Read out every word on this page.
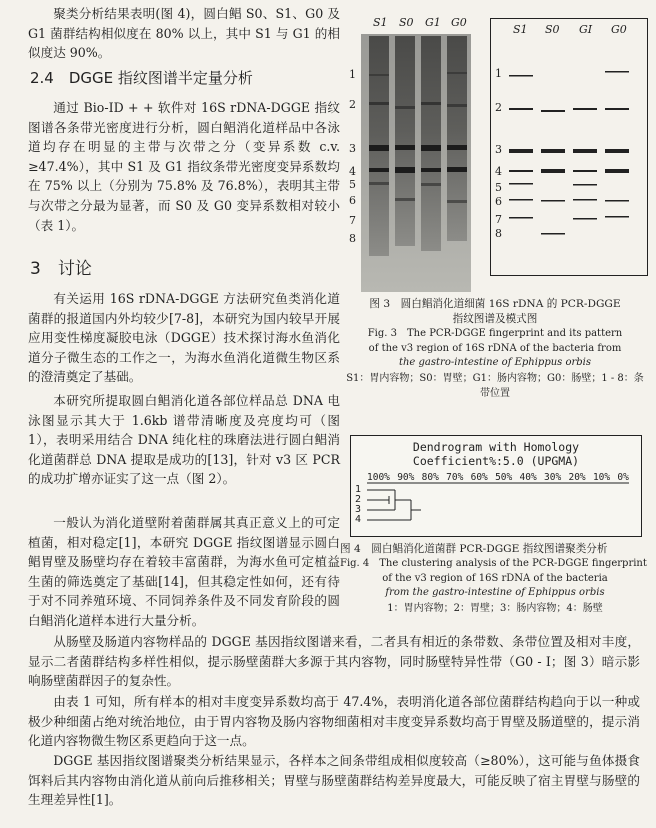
聚类分析结果表明(图 4)，圆白鲳 S0、S1、G0 及 G1 菌群结构相似度在 80% 以上，其中 S1 与 G1 的相似度达 90%。

2.4　DGGE 指纹图谱半定量分析

通过 Bio-ID + + 软件对 16S rDNA-DGGE 指纹图谱各条带光密度进行分析，圆白鲳消化道样品中各泳道均存在明显的主带与次带之分（变异系数 c.v. ≥47.4%），其中 S1 及 G1 指纹条带光密度变异系数均在 75% 以上（分别为 75.8% 及 76.8%），表明其主带与次带之分最为显著，而 S0 及 G0 变异系数相对较小（表 1）。

3　讨论

有关运用 16S rDNA-DGGE 方法研究鱼类消化道菌群的报道国内外均较少[7-8]，本研究为国内较早开展应用变性梯度凝胶电泳（DGGE）技术探讨海水鱼消化道分子微生态的工作之一，为海水鱼消化道微生物区系的澄清奠定了基础。

本研究所提取圆白鲳消化道各部位样品总 DNA 电泳图显示其大于 1.6kb 谱带清晰度及亮度均可（图 1），表明采用结合 DNA 纯化柱的珠磨法进行圆白鲳消化道菌群总 DNA 提取是成功的[13]，针对 v3 区 PCR 的成功扩增亦证实了这一点（图 2）。

一般认为消化道壁附着菌群属其真正意义上的可定植菌，相对稳定[1]，本研究 DGGE 指纹图谱显示圆白鲳胃壁及肠壁均存在着较丰富菌群，为海水鱼可定植益生菌的筛选奠定了基础[14]，但其稳定性如何，还有待于对不同养殖环境、不同饲养条件及不同发育阶段的圆白鲳消化道样本进行大量分析。

S1 S0 G1 G0
1
2
3
4
5
6
7
8
S1 S0 GI G0
1
2
3
4
5
6
7
8

图 3　圆白鲳消化道细菌 16S rDNA 的 PCR-DGGE

指纹图谱及模式图

Fig. 3　The PCR-DGGE fingerprint and its pattern

of the v3 region of 16S rDNA of the bacteria from

the gastro-intestine of Ephippus orbis

S1：胃内容物；S0：胃壁；G1：肠内容物；G0：肠壁；1 - 8：条带位置

Dendrogram with Homology
Coefficient%:5.0 (UPGMA)
100% 90% 80% 70% 60% 50% 40% 30% 20% 10% 0%
1
2
3
4

图 4　圆白鲳消化道菌群 PCR-DGGE 指纹图谱聚类分析

Fig. 4　The clustering analysis of the PCR-DGGE fingerprint

of the v3 region of 16S rDNA of the bacteria

from the gastro-intestine of Ephippus orbis

1：胃内容物；2：胃壁；3：肠内容物；4：肠壁

从肠壁及肠道内容物样品的 DGGE 基因指纹图谱来看，二者具有相近的条带数、条带位置及相对丰度，显示二者菌群结构多样性相似，提示肠壁菌群大多源于其内容物，同时肠壁特异性带（G0 - I；图 3）暗示影响肠壁菌群因子的复杂性。

由表 1 可知，所有样本的相对丰度变异系数均高于 47.4%，表明消化道各部位菌群结构趋向于以一种或极少种细菌占绝对统治地位，由于胃内容物及肠内容物细菌相对丰度变异系数均高于胃壁及肠道壁的，提示消化道内容物微生物区系更趋向于这一点。

DGGE 基因指纹图谱聚类分析结果显示，各样本之间条带组成相似度较高（≥80%），这可能与鱼体摄食饵料后其内容物由消化道从前向后推移相关；胃壁与肠壁菌群结构差异度最大，可能反映了宿主胃壁与肠壁的生理差异性[1]。
